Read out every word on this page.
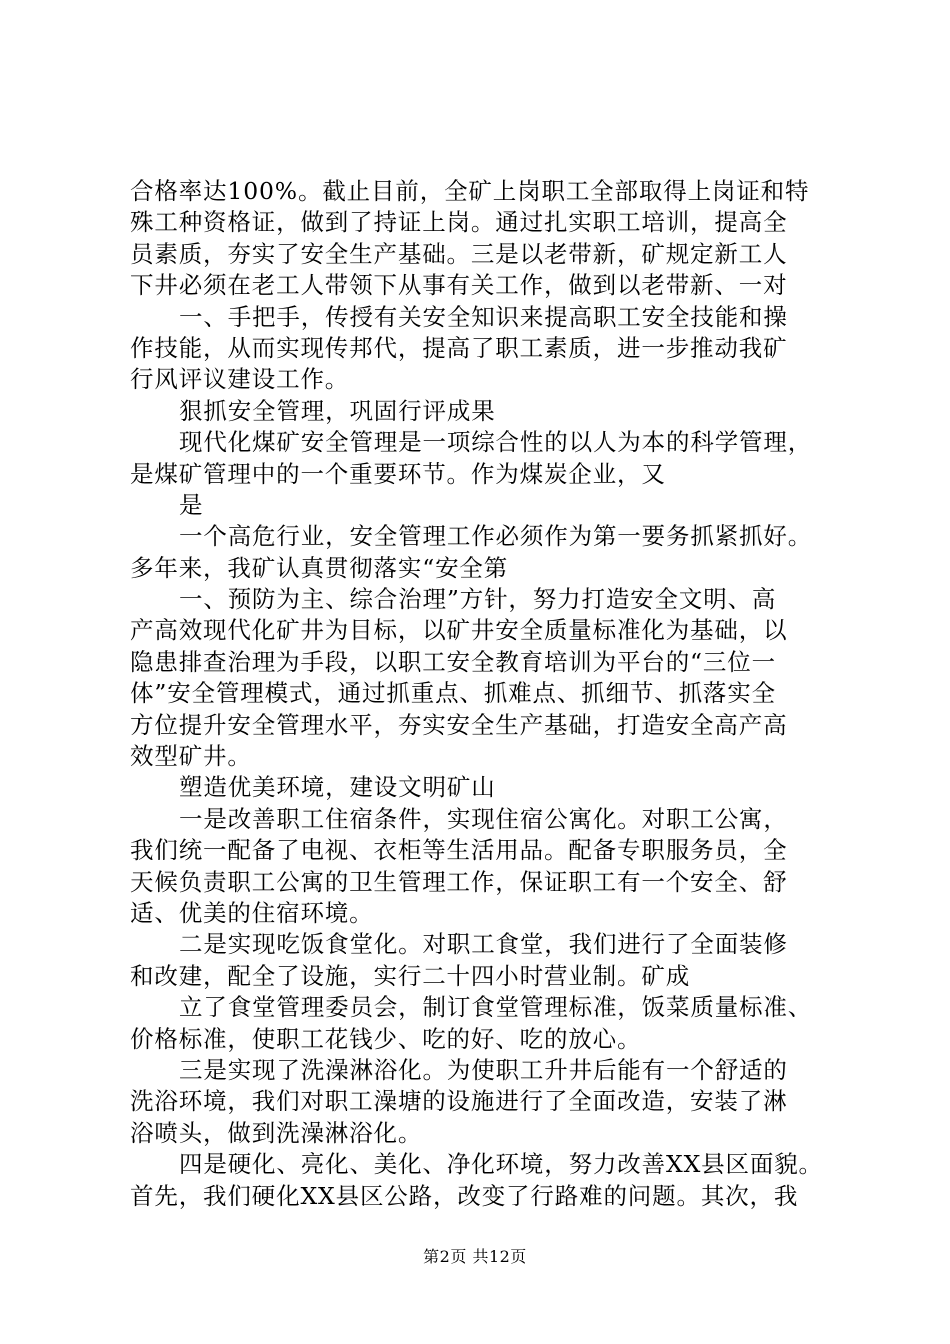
合格率达100%。截止目前，全矿上岗职工全部取得上岗证和特
殊工种资格证，做到了持证上岗。通过扎实职工培训，提高全
员素质，夯实了安全生产基础。三是以老带新，矿规定新工人
下井必须在老工人带领下从事有关工作，做到以老带新、一对
一、手把手，传授有关安全知识来提高职工安全技能和操
作技能，从而实现传邦代，提高了职工素质，进一步推动我矿
行风评议建设工作。
狠抓安全管理，巩固行评成果
现代化煤矿安全管理是一项综合性的以人为本的科学管理，
是煤矿管理中的一个重要环节。作为煤炭企业，又
是
一个高危行业，安全管理工作必须作为第一要务抓紧抓好。
多年来，我矿认真贯彻落实“安全第
一、预防为主、综合治理”方针，努力打造安全文明、高
产高效现代化矿井为目标，以矿井安全质量标准化为基础，以
隐患排查治理为手段，以职工安全教育培训为平台的“三位一
体”安全管理模式，通过抓重点、抓难点、抓细节、抓落实全
方位提升安全管理水平，夯实安全生产基础，打造安全高产高
效型矿井。
塑造优美环境，建设文明矿山
一是改善职工住宿条件，实现住宿公寓化。对职工公寓，
我们统一配备了电视、衣柜等生活用品。配备专职服务员，全
天候负责职工公寓的卫生管理工作，保证职工有一个安全、舒
适、优美的住宿环境。
二是实现吃饭食堂化。对职工食堂，我们进行了全面装修
和改建，配全了设施，实行二十四小时营业制。矿成
立了食堂管理委员会，制订食堂管理标准，饭菜质量标准、
价格标准，使职工花钱少、吃的好、吃的放心。
三是实现了洗澡淋浴化。为使职工升井后能有一个舒适的
洗浴环境，我们对职工澡塘的设施进行了全面改造，安装了淋
浴喷头，做到洗澡淋浴化。
四是硬化、亮化、美化、净化环境，努力改善XX县区面貌。
首先，我们硬化XX县区公路，改变了行路难的问题。其次，我
第2页 共12页
